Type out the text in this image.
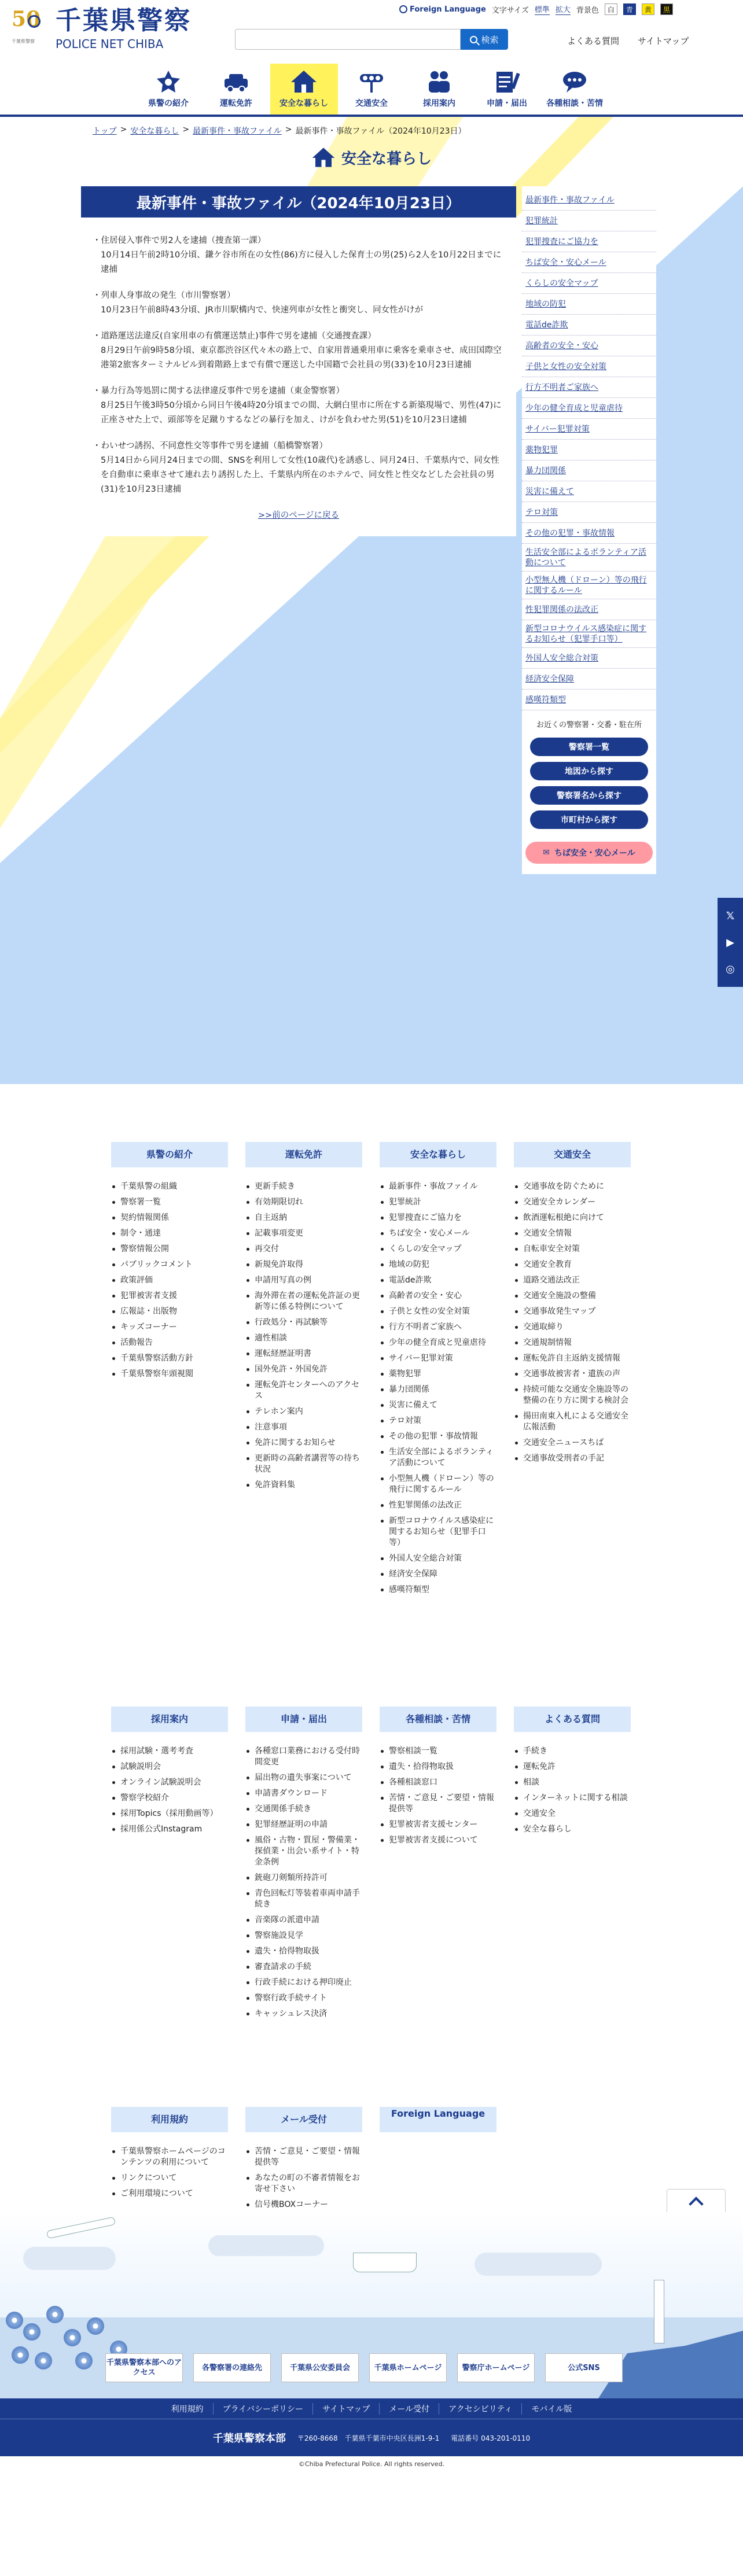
50
千葉県警察
千葉県警察
POLICE NET CHIBA
Foreign Language 文字サイズ 標準 拡大 背景色	白	青	黄	黒
検索	よくある質問 サイトマップ
県警の紹介	運転免許	安全な暮らし	交通安全	採用案内	申請・届出 各種相談・苦情
トップ > 安全な暮らし > 最新事件・事故ファイル > 最新事件・事故ファイル（2024年10月23日）
安全な暮らし
最新事件・事故ファイル（2024年10月23日）
・住居侵入事件で男2人を逮捕（捜査第一課）
10月14日午前2時10分頃、鎌ケ谷市所在の女性(86)方に侵入した保育士の男(25)ら2人を10月22日までに逮捕
・列車人身事故の発生（市川警察署）
10月23日午前8時43分頃、JR市川駅構内で、快速列車が女性と衝突し、同女性がけが
・道路運送法違反(自家用車の有償運送禁止)事件で男を逮捕（交通捜査課）
8月29日午前9時58分頃、東京都渋谷区代々木の路上で、自家用普通乗用車に乗客を乗車させ、成田国際空港第2旅客ターミナルビル到着階路上まで有償で運送した中国籍で会社員の男(33)を10月23日逮捕
・暴力行為等処罰に関する法律違反事件で男を逮捕（東金警察署）
8月25日午後3時50分頃から同日午後4時20分頃までの間、大網白里市に所在する新築現場で、男性(47)に正座させた上で、頭部等を足蹴りするなどの暴行を加え、けがを負わせた男(51)を10月23日逮捕
・わいせつ誘拐、不同意性交等事件で男を逮捕（船橋警察署）
5月14日から同月24日までの間、SNSを利用して女性(10歳代)を誘惑し、同月24日、千葉県内で、同女性を自動車に乗車させて連れ去り誘拐した上、千葉県内所在のホテルで、同女性と性交などした会社員の男(31)を10月23日逮捕
>>前のページに戻る
最新事件・事故ファイル
犯罪統計
犯罪捜査にご協力を
ちば安全・安心メール
くらしの安全マップ
地域の防犯
電話de詐欺
高齢者の安全・安心
子供と女性の安全対策
行方不明者ご家族へ
少年の健全育成と児童虐待
サイバー犯罪対策
薬物犯罪
暴力団関係
災害に備えて
テロ対策
その他の犯罪・事故情報
生活安全部によるボランティア活動について
小型無人機（ドローン）等の飛行に関するルール
性犯罪関係の法改正
新型コロナウイルス感染症に関するお知らせ（犯罪手口等）
外国人安全総合対策
経済安全保障
感嘆符類型
お近くの警察署・交番・駐在所
警察署一覧
地図から探す
警察署名から探す
市町村から探す
✉ ちば安全・安心メール
𝕏
▶
◎
県警の紹介
千葉県警の組織
警察署一覧
契約情報関係
制令・通達
警察情報公開
パブリックコメント
政策評価
犯罪被害者支援
広報誌・出版物
キッズコーナー
活動報告
千葉県警察活動方針
千葉県警察年頭視閲
運転免許
更新手続き
有効期限切れ
自主返納
記載事項変更
再交付
新規免許取得
申請用写真の例
海外滞在者の運転免許証の更新等に係る特例について
行政処分・再試験等
適性相談
運転経歴証明書
国外免許・外国免許
運転免許センターへのアクセス
テレホン案内
注意事項
免許に関するお知らせ
更新時の高齢者講習等の待ち状況
免許資料集
安全な暮らし
最新事件・事故ファイル
犯罪統計
犯罪捜査にご協力を
ちば安全・安心メール
くらしの安全マップ
地域の防犯
電話de詐欺
高齢者の安全・安心
子供と女性の安全対策
行方不明者ご家族へ
少年の健全育成と児童虐待
サイバー犯罪対策
薬物犯罪
暴力団関係
災害に備えて
テロ対策
その他の犯罪・事故情報
生活安全部によるボランティア活動について
小型無人機（ドローン）等の飛行に関するルール
性犯罪関係の法改正
新型コロナウイルス感染症に関するお知らせ（犯罪手口等）
外国人安全総合対策
経済安全保障
感嘆符類型
交通安全
交通事故を防ぐために
交通安全カレンダー
飲酒運転根絶に向けて
交通安全情報
自転車安全対策
交通安全教育
道路交通法改正
交通安全施設の整備
交通事故発生マップ
交通取締り
交通規制情報
運転免許自主返納支援情報
交通事故被害者・遺族の声
持続可能な交通安全施設等の整備の在り方に関する検討会
揚田南東入札による交通安全広報活動
交通安全ニュースちば
交通事故受刑者の手記
採用案内
採用試験・選考考査
試験説明会
オンライン試験説明会
警察学校紹介
採用Topics（採用動画等）
採用係公式Instagram
申請・届出
各種窓口業務における受付時間変更
届出物の遺失事案について
申請書ダウンロード
交通関係手続き
犯罪経歴証明の申請
風俗・古物・質屋・警備業・探偵業・出会い系サイト・特金条例
銃砲刀剣類所持許可
青色回転灯等装着車両申請手続き
音楽隊の派遣申請
警察施設見学
遺失・拾得物取扱
審査請求の手続
行政手続における押印廃止
警察行政手続サイト
キャッシュレス決済
各種相談・苦情
警察相談一覧
遺失・拾得物取扱
各種相談窓口
苦情・ご意見・ご要望・情報提供等
犯罪被害者支援センター
犯罪被害者支援について
よくある質問
手続き
運転免許
相談
インターネットに関する相談
交通安全
安全な暮らし
利用規約
千葉県警察ホームページのコンテンツの利用について
リンクについて
ご利用環境について
メール受付
苦情・ご意見・ご要望・情報提供等
あなたの町の不審者情報をお寄せ下さい
信号機BOXコーナー
Foreign Language
千葉県警察本部へのアクセス
各警察署の連絡先	千葉県公安委員会	千葉県ホームページ	警察庁ホームページ	公式SNS
利用規約	プライバシーポリシー	サイトマップ	メール受付	アクセシビリティ	モバイル版
千葉県警察本部 〒260-8668　千葉県千葉市中央区長洲1-9-1 電話番号 043-201-0110
©Chiba Prefectural Police. All rights reserved.
